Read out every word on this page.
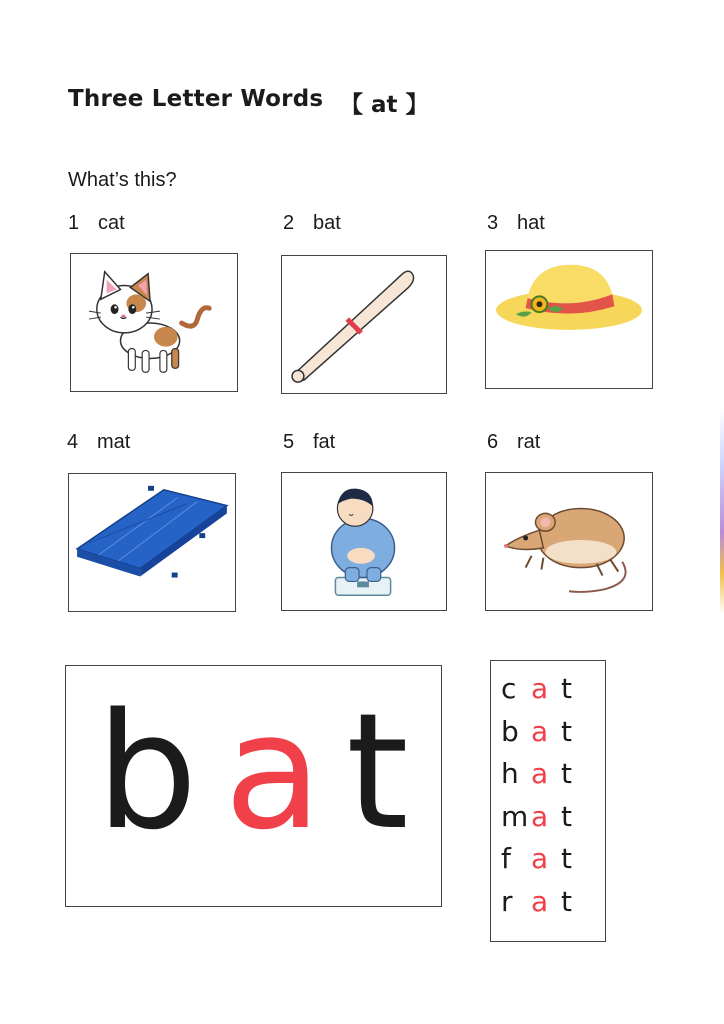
Three Letter Words 【 at 】
What’s this?
1 cat	2 bat	3 hat
4 mat	5 fat	6 rat
b a t	c a t
b a t
h a t
ma t
f a t
r a t
